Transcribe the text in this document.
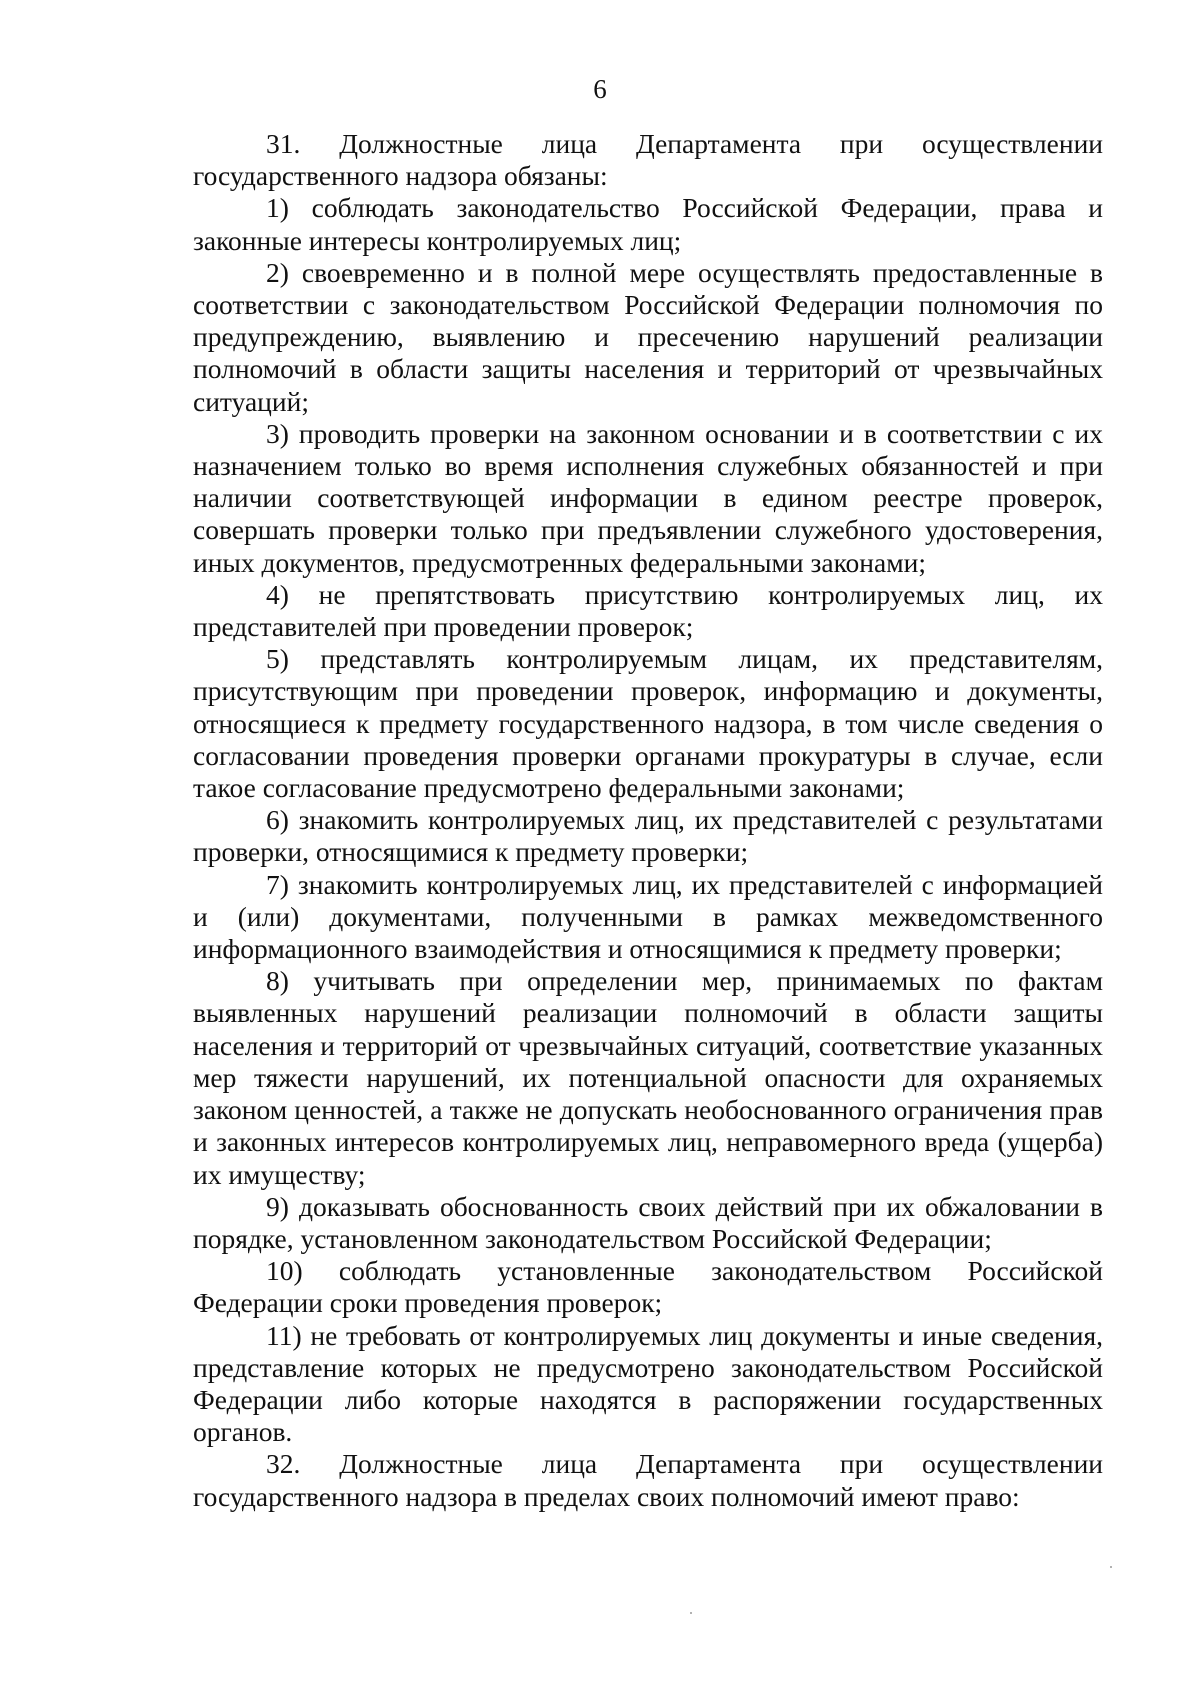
6

31. Должностные лица Департамента при осуществлении государственного надзора обязаны:

1) соблюдать законодательство Российской Федерации, права и законные интересы контролируемых лиц;

2) своевременно и в полной мере осуществлять предоставленные в соответствии с законодательством Российской Федерации полномочия по предупреждению, выявлению и пресечению нарушений реализации полномочий в области защиты населения и территорий от чрезвычайных ситуаций;

3) проводить проверки на законном основании и в соответствии с их назначением только во время исполнения служебных обязанностей и при наличии соответствующей информации в едином реестре проверок, совершать проверки только при предъявлении служебного удостоверения, иных документов, предусмотренных федеральными законами;

4) не препятствовать присутствию контролируемых лиц, их представителей при проведении проверок;

5) представлять контролируемым лицам, их представителям, присутствующим при проведении проверок, информацию и документы, относящиеся к предмету государственного надзора, в том числе сведения о согласовании проведения проверки органами прокуратуры в случае, если такое согласование предусмотрено федеральными законами;

6) знакомить контролируемых лиц, их представителей с результатами проверки, относящимися к предмету проверки;

7) знакомить контролируемых лиц, их представителей с информацией и (или) документами, полученными в рамках межведомственного информационного взаимодействия и относящимися к предмету проверки;

8) учитывать при определении мер, принимаемых по фактам выявленных нарушений реализации полномочий в области защиты населения и территорий от чрезвычайных ситуаций, соответствие указанных мер тяжести нарушений, их потенциальной опасности для охраняемых законом ценностей, а также не допускать необоснованного ограничения прав и законных интересов контролируемых лиц, неправомерного вреда (ущерба) их имуществу;

9) доказывать обоснованность своих действий при их обжаловании в порядке, установленном законодательством Российской Федерации;

10) соблюдать установленные законодательством Российской Федерации сроки проведения проверок;

11) не требовать от контролируемых лиц документы и иные сведения, представление которых не предусмотрено законодательством Российской Федерации либо которые находятся в распоряжении государственных органов.

32. Должностные лица Департамента при осуществлении государственного надзора в пределах своих полномочий имеют право:
